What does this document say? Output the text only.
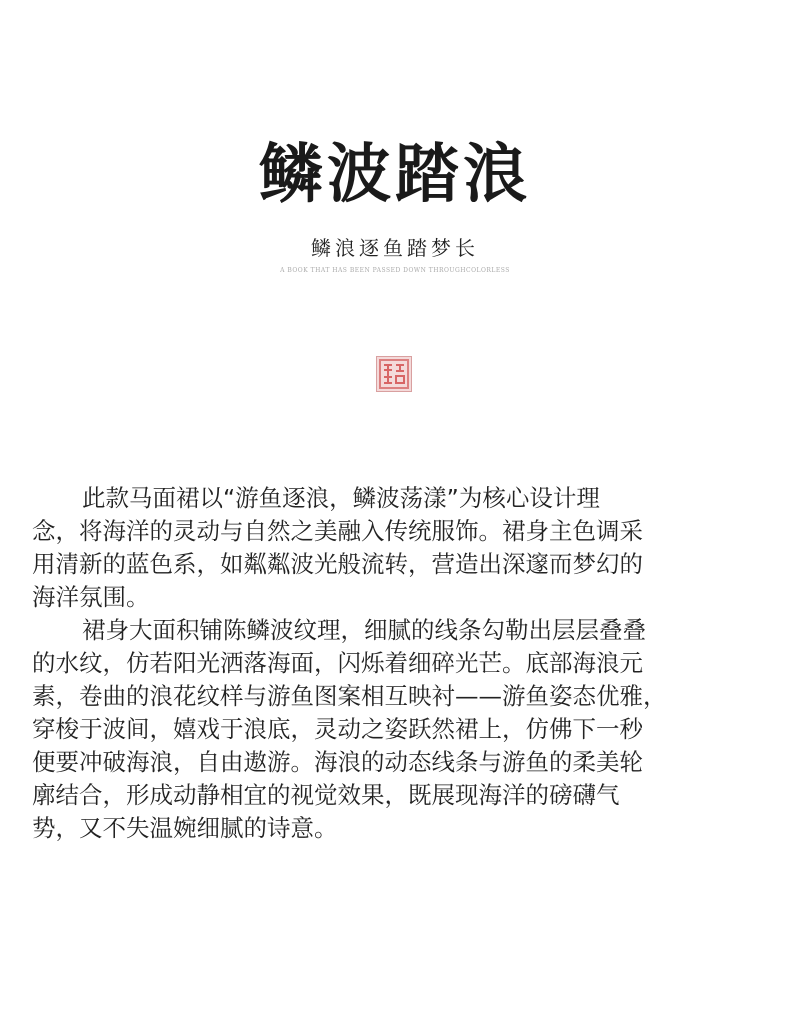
鳞波踏浪
鳞浪逐鱼踏梦长
A BOOK THAT HAS BEEN PASSED DOWN THROUGHCOLORLESS
此款马面裙以“游鱼逐浪，鳞波荡漾”为核心设计理
念，将海洋的灵动与自然之美融入传统服饰。裙身主色调采
用清新的蓝色系，如粼粼波光般流转，营造出深邃而梦幻的
海洋氛围。
裙身大面积铺陈鳞波纹理，细腻的线条勾勒出层层叠叠
的水纹，仿若阳光洒落海面，闪烁着细碎光芒。底部海浪元
素，卷曲的浪花纹样与游鱼图案相互映衬——游鱼姿态优雅，
穿梭于波间，嬉戏于浪底，灵动之姿跃然裙上，仿佛下一秒
便要冲破海浪，自由遨游。海浪的动态线条与游鱼的柔美轮
廓结合，形成动静相宜的视觉效果，既展现海洋的磅礴气
势，又不失温婉细腻的诗意。
